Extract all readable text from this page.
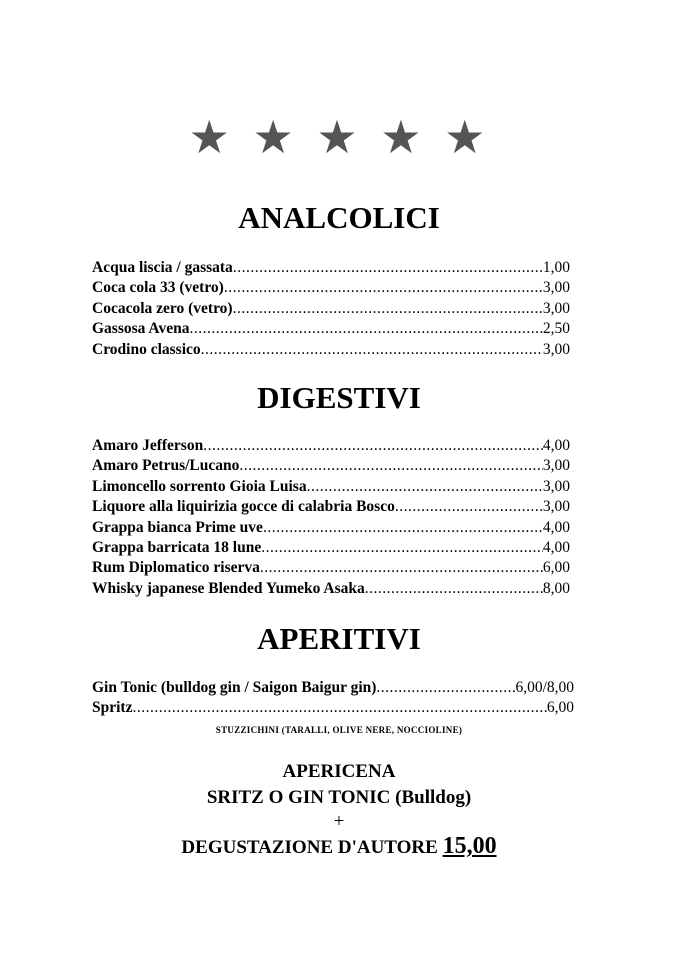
★ ★ ★ ★ ★
ANALCOLICI
Acqua liscia / gassata .....	1,00
Coca cola 33 (vetro) .....	3,00
Cocacola zero (vetro) .....	3,00
Gassosa Avena .....	2,50
Crodino classico .....	3,00
DIGESTIVI
Amaro Jefferson .....	4,00
Amaro Petrus/Lucano .....	3,00
Limoncello sorrento Gioia Luisa .....	3,00
Liquore alla liquirizia gocce di calabria Bosco .....	3,00
Grappa bianca Prime uve .....	4,00
Grappa barricata 18 lune .....	4,00
Rum Diplomatico riserva .....	6,00
Whisky japanese Blended Yumeko Asaka .....	8,00
APERITIVI
Gin Tonic (bulldog gin / Saigon Baigur gin) .....	6,00/8,00
Spritz .....	6,00
STUZZICHINI (TARALLI, OLIVE NERE, NOCCIOLINE)
APERICENA
SRITZ O GIN TONIC (Bulldog)
+
DEGUSTAZIONE D'AUTORE 15,00
